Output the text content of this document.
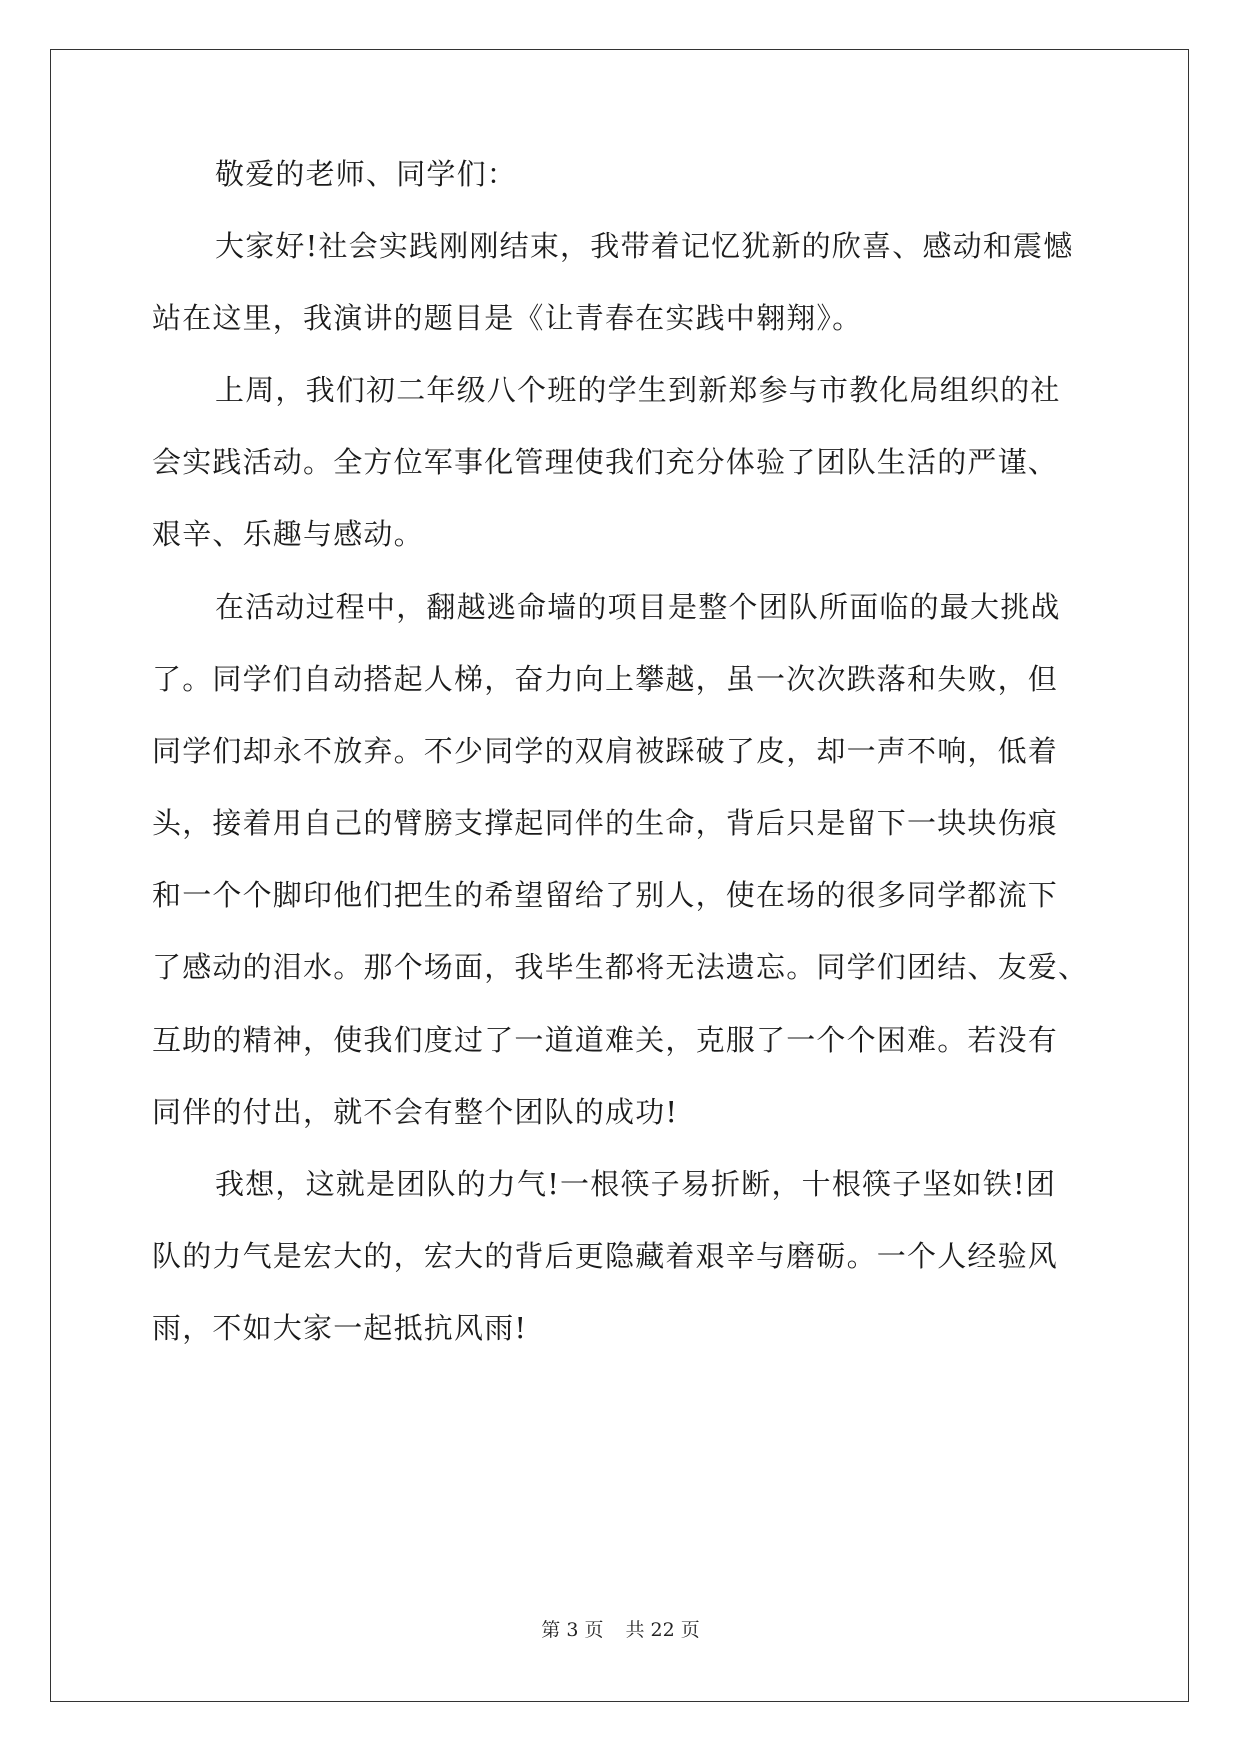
敬爱的老师、同学们：
大家好!社会实践刚刚结束，我带着记忆犹新的欣喜、感动和震憾
站在这里，我演讲的题目是《让青春在实践中翱翔》。
上周，我们初二年级八个班的学生到新郑参与市教化局组织的社
会实践活动。全方位军事化管理使我们充分体验了团队生活的严谨、
艰辛、乐趣与感动。
在活动过程中，翻越逃命墙的项目是整个团队所面临的最大挑战
了。同学们自动搭起人梯，奋力向上攀越，虽一次次跌落和失败，但
同学们却永不放弃。不少同学的双肩被踩破了皮，却一声不响，低着
头，接着用自己的臂膀支撑起同伴的生命，背后只是留下一块块伤痕
和一个个脚印他们把生的希望留给了别人，使在场的很多同学都流下
了感动的泪水。那个场面，我毕生都将无法遗忘。同学们团结、友爱、
互助的精神，使我们度过了一道道难关，克服了一个个困难。若没有
同伴的付出，就不会有整个团队的成功!
我想，这就是团队的力气!一根筷子易折断，十根筷子坚如铁!团
队的力气是宏大的，宏大的背后更隐藏着艰辛与磨砺。一个人经验风
雨，不如大家一起抵抗风雨!
第 3 页 共 22 页
